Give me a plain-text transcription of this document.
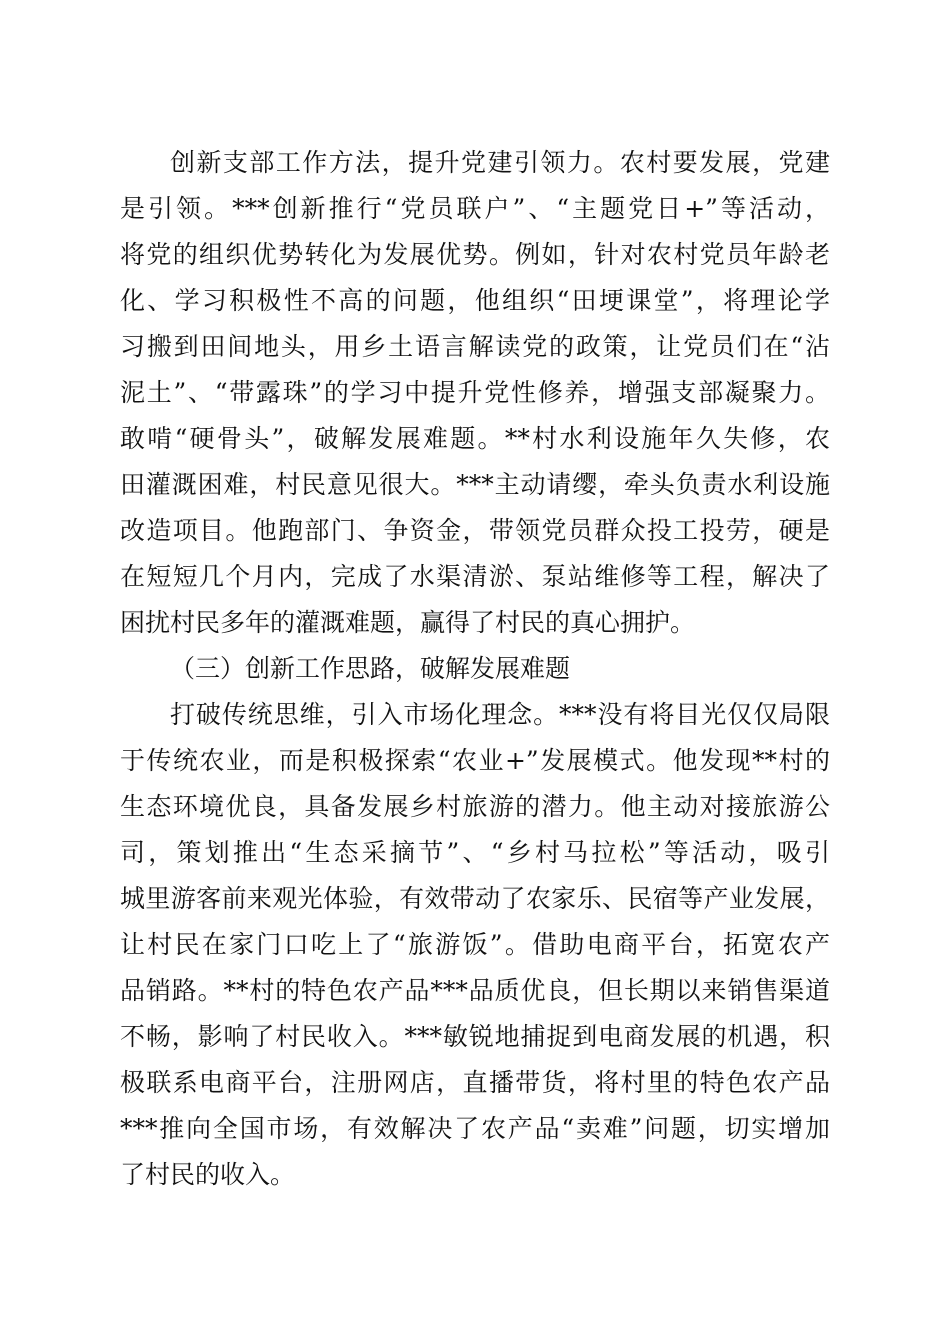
创新支部工作方法，提升党建引领力。农村要发展，党建
是引领。***创新推行“党员联户”、“主题党日+”等活动，
将党的组织优势转化为发展优势。例如，针对农村党员年龄老
化、学习积极性不高的问题，他组织“田埂课堂”，将理论学
习搬到田间地头，用乡土语言解读党的政策，让党员们在“沾
泥土”、“带露珠”的学习中提升党性修养，增强支部凝聚力。
敢啃“硬骨头”，破解发展难题。**村水利设施年久失修，农
田灌溉困难，村民意见很大。***主动请缨，牵头负责水利设施
改造项目。他跑部门、争资金，带领党员群众投工投劳，硬是
在短短几个月内，完成了水渠清淤、泵站维修等工程，解决了
困扰村民多年的灌溉难题，赢得了村民的真心拥护。
（三）创新工作思路，破解发展难题
打破传统思维，引入市场化理念。***没有将目光仅仅局限
于传统农业，而是积极探索“农业+”发展模式。他发现**村的
生态环境优良，具备发展乡村旅游的潜力。他主动对接旅游公
司，策划推出“生态采摘节”、“乡村马拉松”等活动，吸引
城里游客前来观光体验，有效带动了农家乐、民宿等产业发展，
让村民在家门口吃上了“旅游饭”。借助电商平台，拓宽农产
品销路。**村的特色农产品***品质优良，但长期以来销售渠道
不畅，影响了村民收入。***敏锐地捕捉到电商发展的机遇，积
极联系电商平台，注册网店，直播带货，将村里的特色农产品
***推向全国市场，有效解决了农产品“卖难”问题，切实增加
了村民的收入。
